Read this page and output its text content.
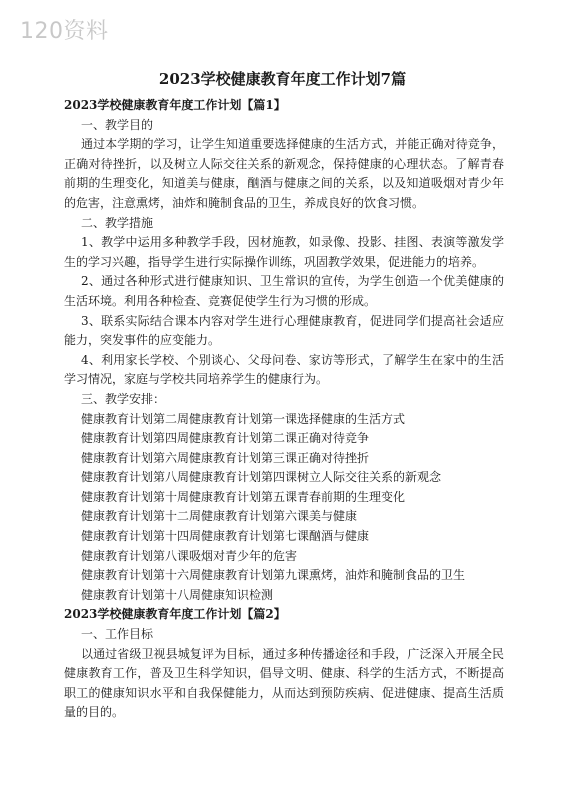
120资料
2023学校健康教育年度工作计划7篇
2023学校健康教育年度工作计划【篇1】
一、教学目的
通过本学期的学习，让学生知道重要选择健康的生活方式，并能正确对待竞争，正确对待挫折，以及树立人际交往关系的新观念，保持健康的心理状态。了解青春前期的生理变化，知道美与健康，酗酒与健康之间的关系，以及知道吸烟对青少年的危害，注意熏烤，油炸和腌制食品的卫生，养成良好的饮食习惯。
二、教学措施
1、教学中运用多种教学手段，因材施教，如录像、投影、挂图、表演等激发学生的学习兴趣，指导学生进行实际操作训练，巩固教学效果，促进能力的培养。
2、通过各种形式进行健康知识、卫生常识的宣传，为学生创造一个优美健康的生活环境。利用各种检查、竞赛促使学生行为习惯的形成。
3、联系实际结合课本内容对学生进行心理健康教育，促进同学们提高社会适应能力，突发事件的应变能力。
4、利用家长学校、个别谈心、父母问卷、家访等形式，了解学生在家中的生活学习情况，家庭与学校共同培养学生的健康行为。
三、教学安排：
健康教育计划第二周健康教育计划第一课选择健康的生活方式
健康教育计划第四周健康教育计划第二课正确对待竞争
健康教育计划第六周健康教育计划第三课正确对待挫折
健康教育计划第八周健康教育计划第四课树立人际交往关系的新观念
健康教育计划第十周健康教育计划第五课青春前期的生理变化
健康教育计划第十二周健康教育计划第六课美与健康
健康教育计划第十四周健康教育计划第七课酗酒与健康
健康教育计划第八课吸烟对青少年的危害
健康教育计划第十六周健康教育计划第九课熏烤，油炸和腌制食品的卫生
健康教育计划第十八周健康知识检测
2023学校健康教育年度工作计划【篇2】
一、工作目标
以通过省级卫视县城复评为目标，通过多种传播途径和手段，广泛深入开展全民健康教育工作，普及卫生科学知识，倡导文明、健康、科学的生活方式，不断提高职工的健康知识水平和自我保健能力，从而达到预防疾病、促进健康、提高生活质量的目的。
